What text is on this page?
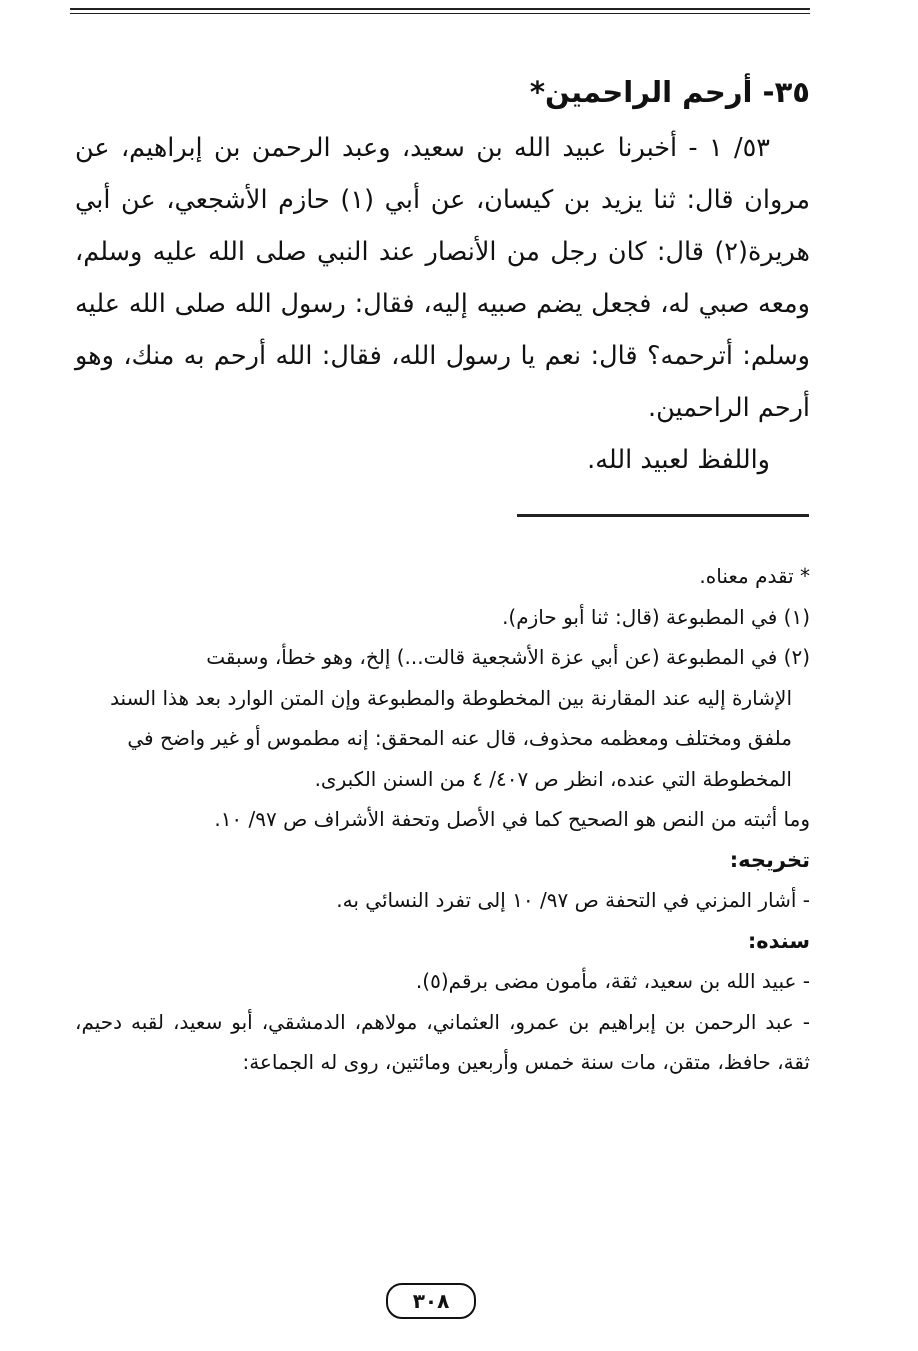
٣٥- أرحم الراحمين*

٥٣/ ١ - أخبرنا عبيد الله بن سعيد، وعبد الرحمن بن إبراهيم، عن مروان قال: ثنا يزيد بن كيسان، عن أبي (١) حازم الأشجعي، عن أبي هريرة(٢) قال: كان رجل من الأنصار عند النبي صلى الله عليه وسلم، ومعه صبي له، فجعل يضم صبيه إليه، فقال: رسول الله صلى الله عليه وسلم: أترحمه؟ قال: نعم يا رسول الله، فقال: الله أرحم به منك، وهو أرحم الراحمين.

واللفظ لعبيد الله.

* تقدم معناه.

(١) في المطبوعة (قال: ثنا أبو حازم).

(٢) في المطبوعة (عن أبي عزة الأشجعية قالت...) إلخ، وهو خطأ، وسبقت

الإشارة إليه عند المقارنة بين المخطوطة والمطبوعة وإن المتن الوارد بعد هذا السند

ملفق ومختلف ومعظمه محذوف، قال عنه المحقق: إنه مطموس أو غير واضح في

المخطوطة التي عنده، انظر ص ٤٠٧/ ٤ من السنن الكبرى.

وما أثبته من النص هو الصحيح كما في الأصل وتحفة الأشراف ص ٩٧/ ١٠.

تخريجه:

- أشار المزني في التحفة ص ٩٧/ ١٠ إلى تفرد النسائي به.

سنده:

- عبيد الله بن سعيد، ثقة، مأمون مضى برقم(٥).

- عبد الرحمن بن إبراهيم بن عمرو، العثماني، مولاهم، الدمشقي، أبو سعيد، لقبه دحيم، ثقة، حافظ، متقن، مات سنة خمس وأربعين ومائتين، روى له الجماعة:

٣٠٨
